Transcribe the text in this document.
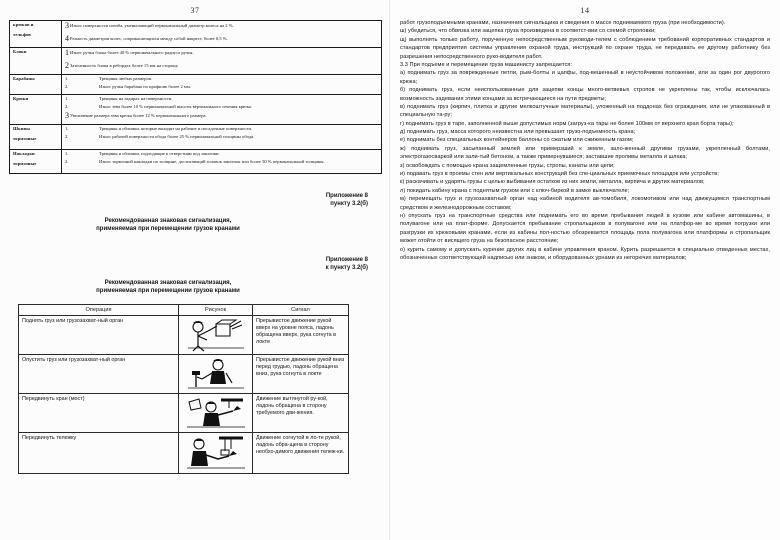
37
крюков и
тельфов	3Износ поверхности изгиба, уменьшающий первоначальный диаметр колеса на 2 %.
4Разность диаметров колес, соприкасающихся между собой накрест, более 0,5 %.

Блоки	1Износ ручья блока более 40 % первоначального радиуса ручья.
2Заточенность блока в ребордах более 15 мм на сторону.

Барабаны	1. Трещины любых размеров.
2. Износ ручья барабана по профилю более 2 мм.

Крюки	1. Трещины на задирах на поверхности.
2. Износ зева более 10 % первоначальной высоты вертикального сечения крюка.
3Увеличение размера зева крюка более 12 % первоначального размера.

Шкивы
тормозные	1. Трещины и обломки, которые выходят на рабочие и посадочные поверхности.
2. Износ рабочей поверхности обода более 25 % первоначальной толщины обода.

Накладки
тормозные	1. Трещины и обломки, подходящие к отверстиям под заклепки.
2. Износ тормозной накладки по толщине, достигающий головок заклепок или более 50 % первоначальной толщины.
Приложение 8
пункту 3.2(б)
Рекомендованная знаковая сигнализация,
применяемая при перемещении грузов кранами
Приложение 8
к пункту 3.2(б)
Рекомендованная знаковая сигнализация,
применяемая при перемещении грузов кранами
Операция	Рисунок	Сигнал
Поднять груз или грузозахват-ный орган		Прерывистое движение рукой вверх на уровне пояса, ладонь обращена вверх, рука согнута в локте
Опустить груз или грузозахват-ный орган		Прерывистое движение рукой вниз перед грудью, ладонь обращена вниз, рука согнута в локте
Передвинуть кран (мост)		Движение вытянутой ру-кой, ладонь обращена в сторону требуемого дви-жения.
Передвинуть тележку		Движение согнутой в ло-те рукой, ладонь обра-щена в сторону необхо-димого движения тележ-ки.
14

работ грузоподъемными кранами, назначения сигнальщика и сведения о массе поднимаемого груза (при необходимости).

ш) убедиться, что обвязка или зацепка груза произведена в соответст-вии со схемой строповки;

щ) выполнять только работу, порученную непосредственным руководи-телем с соблюдением требований корпоративных стандартов и стандартов предприятия системы управления охраной труда, инструкций по охране труда, не передавать ее другому работнику без разрешения непосредственного руко-водителя работ.

3.3 При подъеме и перемещении груза машинисту запрещается:

а) поднимать груз за поврежденные петли, рым-болты и цапфы, под-вешенный в неустойчивом положении, или за один рог двурогого крюка;

б) поднимать груз, если неиспользованные для зацепки концы много-ветвевых стропов не укреплены так, чтобы исключалась возможность задевания этими концами за встречающиеся на пути предметы;

в) поднимать груз (кирпич, плитка и другие мелкоштучные материалы), уложенный на поддонах без ограждения, или не упакованный в специальную та-ру;

г) поднимать груз в таре, заполненной выше допустимых норм (загруз-ка тары не более 100мм от верхнего края борта тары);

д) поднимать груз, масса которого неизвестна или превышает грузо-подъемность крана;

е) поднимать без специальных контейнеров баллоны со сжатым или сжиженным газом;

ж) поднимать груз, засыпанный землей или примерзший к земле, зало-женный другими грузами, укрепленный болтами, электрогазосваркой или зали-тый бетоном, а также привернувшиеся; заставшие проливы металла и шлака;

з) освобождать с помощью крана защемленные грузы, стропы, канаты или цепи;

и) подавать груз в проемы стен или вертикальных конструкций без спе-циальных приемочных площадок или устройств;

к) раскачивать и ударять грузы с целью выбивания остатков из них земли, металла, кирпича и других материалов;

л) покидать кабину крана с поднятым грузом или с ключ-биркой в замке выключателе;

м) перемещать груз и грузозахватный орган над кабиной водителя ав-томобиля, локомотивом или над движущимся транспортным средством и железнодорожным составом;

н) опускать груз на транспортные средства или поднимать его во время пребывания людей в кузове или кабине автомашины, в полувагоне или на плат-форме. Допускается пребывание стропальщиков в полувагоне или на платфор-ме во время погрузки или разгрузки их крюковыми кранами, если из кабины пол-ностью обозревается площадь пола полувагона или платформы и стропальщик может отойти от висящего груза на безопасное расстояние;

о) курить самому и допускать курение других лиц в кабине управления краном. Курить разрешается в специально отведенных местах, обозначенных соответствующей надписью или знаком, и оборудованных урнами из негорючих материалов;
